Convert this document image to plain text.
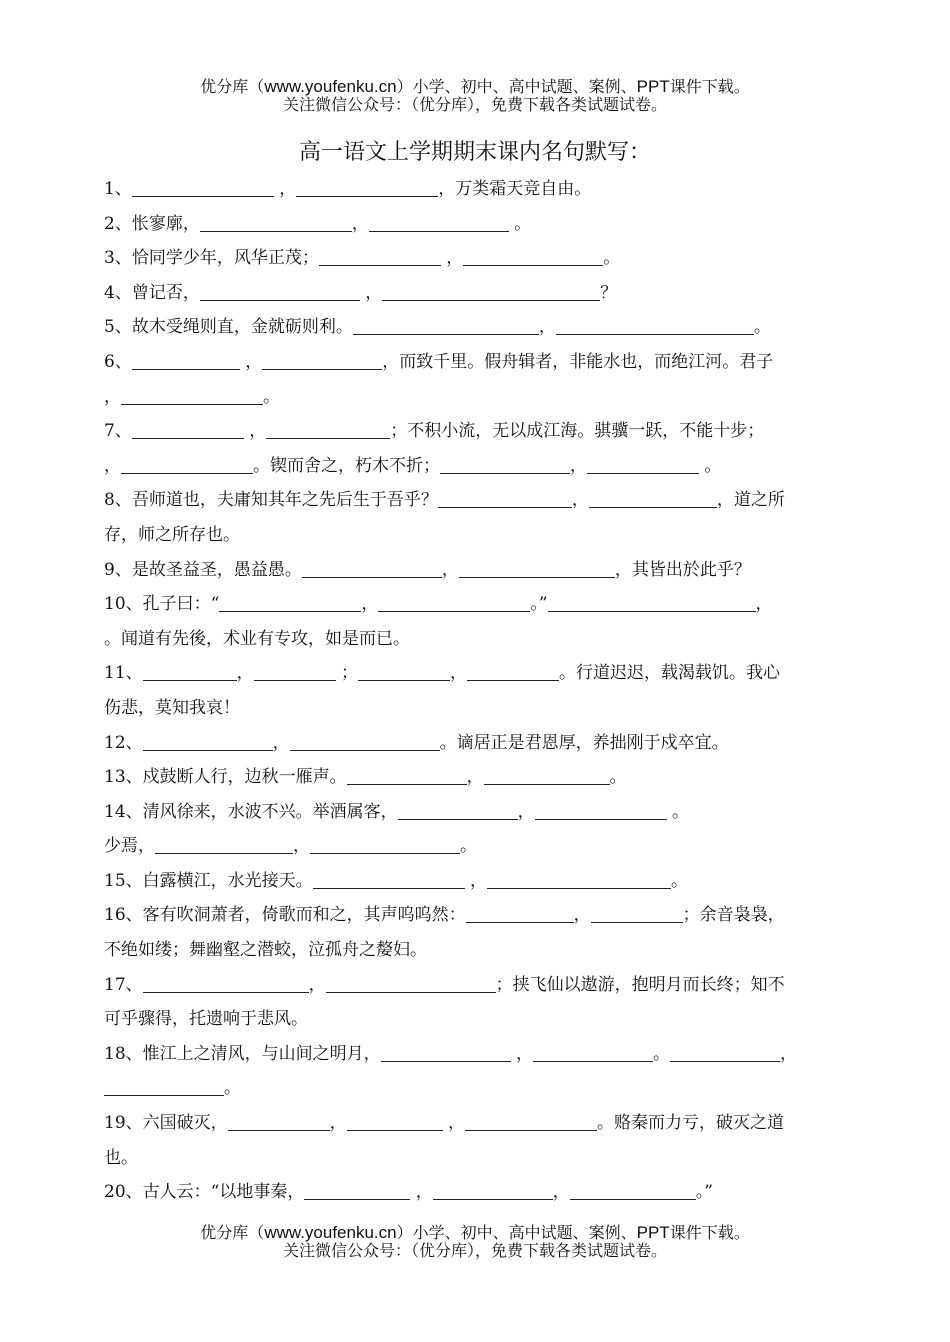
优分库（www.youfenku.cn）小学、初中、高中试题、案例、PPT课件下载。
关注微信公众号：（优分库），免费下载各类试题试卷。
高一语文上学期期末课内名句默写：
1、	，	，万类霜天竞自由。
2、怅寥廓，	，	。
3、恰同学少年，风华正茂；	，	。
4、曾记否，	，	？
5、故木受绳则直，金就砺则利。	，	。
6、	，	，而致千里。假舟辑者，非能水也，而绝江河。君子
，	。
7、	，	；不积小流，无以成江海。骐骥一跃，不能十步；
，	。锲而舍之，朽木不折；	，	。
8、吾师道也，夫庸知其年之先后生于吾乎？	，	，道之所
存，师之所存也。
9、是故圣益圣，愚益愚。	，	，其皆出於此乎？
10、孔子曰：“	，	。”	，
。闻道有先後，术业有专攻，如是而已。
11、	，	；	，	。行道迟迟，载渴载饥。我心
伤悲，莫知我哀！
12、	，	。谪居正是君恩厚，养拙刚于戍卒宜。
13、戍鼓断人行，边秋一雁声。	，	。
14、清风徐来，水波不兴。举酒属客，	，	。
少焉，	，	。
15、白露横江，水光接天。	，	。
16、客有吹洞萧者，倚歌而和之，其声呜呜然：	，	；余音袅袅，
不绝如缕；舞幽壑之潜蛟，泣孤舟之嫠妇。
17、	，	；挟飞仙以遨游，抱明月而长终；知不
可乎骤得，托遗响于悲风。
18、惟江上之清风，与山间之明月，	，	。	，
。
19、六国破灭，	，	，	。赂秦而力亏，破灭之道
也。
20、古人云：“以地事秦，	，	，	。”
优分库（www.youfenku.cn）小学、初中、高中试题、案例、PPT课件下载。
关注微信公众号：（优分库），免费下载各类试题试卷。
